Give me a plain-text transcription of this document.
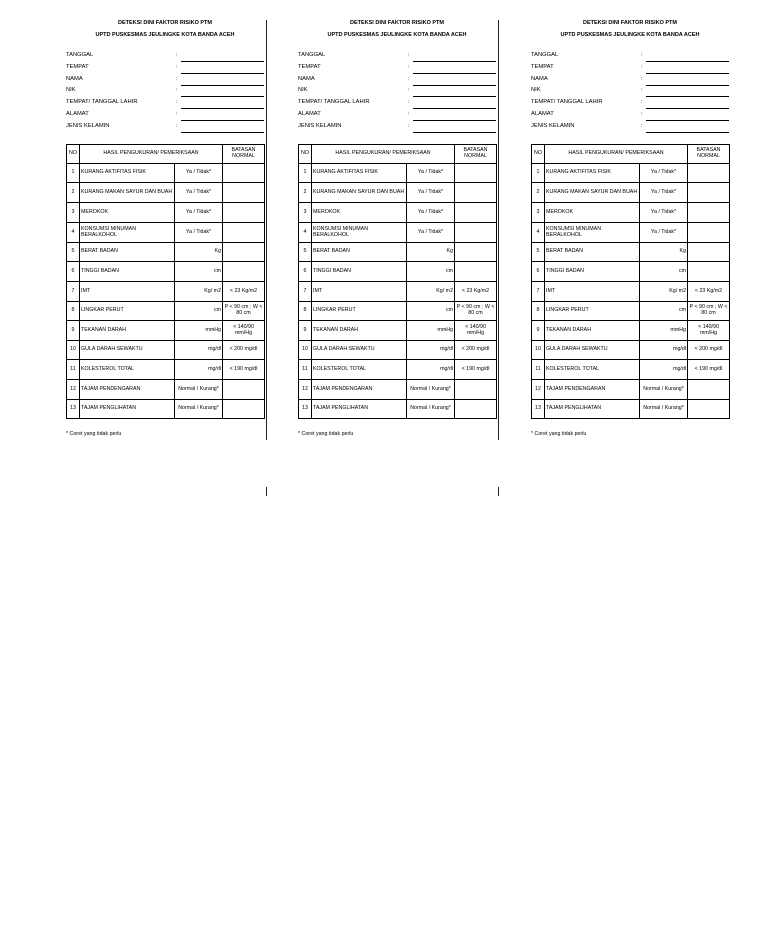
DETEKSI DINI FAKTOR RISIKO PTM
UPTD PUSKESMAS JEULINGKE KOTA BANDA ACEH
TANGGAL	:
TEMPAT	:
NAMA	:
NIK	:
TEMPAT/ TANGGAL LAHIR	:
ALAMAT	:
JENIS KELAMIN	:
NO	HASIL PENGUKURAN/ PEMERIKSAAN		BATASAN NORMAL
1	KURANG AKTIFITAS FISIK	Ya / Tidak*	
2	KURANG MAKAN SAYUR DAN BUAH	Ya / Tidak*	
3	MEROKOK	Ya / Tidak*	
4	KONSUMSI MINUMAN BERALKOHOL	Ya / Tidak*	
5	BERAT BADAN	Kg	
6	TINGGI BADAN	cm	
7	IMT	Kg/ m2	< 23 Kg/m2
8	LINGKAR PERUT	cm	P < 90 cm ; W < 80 cm
9	TEKANAN DARAH	mmHg	< 140/90 mm/Hg
10	GULA DARAH SEWAKTU	mg/dl	< 200 mg/dl
11	KOLESTEROL TOTAL	mg/dl	< 190 mg/dl
12	TAJAM PENDENGARAN	Normal / Kurang*	
13	TAJAM PENGLIHATAN	Normal / Kurang*	
* Coret yang tidak perlu
DETEKSI DINI FAKTOR RISIKO PTM
UPTD PUSKESMAS JEULINGKE KOTA BANDA ACEH
TANGGAL	:
TEMPAT	:
NAMA	:
NIK	:
TEMPAT/ TANGGAL LAHIR	:
ALAMAT	:
JENIS KELAMIN	:
NO	HASIL PENGUKURAN/ PEMERIKSAAN		BATASAN NORMAL
1	KURANG AKTIFITAS FISIK	Ya / Tidak*	
2	KURANG MAKAN SAYUR DAN BUAH	Ya / Tidak*	
3	MEROKOK	Ya / Tidak*	
4	KONSUMSI MINUMAN BERALKOHOL	Ya / Tidak*	
5	BERAT BADAN	Kg	
6	TINGGI BADAN	cm	
7	IMT	Kg/ m2	< 23 Kg/m2
8	LINGKAR PERUT	cm	P < 90 cm ; W < 80 cm
9	TEKANAN DARAH	mmHg	< 140/90 mm/Hg
10	GULA DARAH SEWAKTU	mg/dl	< 200 mg/dl
11	KOLESTEROL TOTAL	mg/dl	< 190 mg/dl
12	TAJAM PENDENGARAN	Normal / Kurang*	
13	TAJAM PENGLIHATAN	Normal / Kurang*	
* Coret yang tidak perlu
DETEKSI DINI FAKTOR RISIKO PTM
UPTD PUSKESMAS JEULINGKE KOTA BANDA ACEH
TANGGAL	:
TEMPAT	:
NAMA	:
NIK	:
TEMPAT/ TANGGAL LAHIR	:
ALAMAT	:
JENIS KELAMIN	:
NO	HASIL PENGUKURAN/ PEMERIKSAAN		BATASAN NORMAL
1	KURANG AKTIFITAS FISIK	Ya / Tidak*	
2	KURANG MAKAN SAYUR DAN BUAH	Ya / Tidak*	
3	MEROKOK	Ya / Tidak*	
4	KONSUMSI MINUMAN BERALKOHOL	Ya / Tidak*	
5	BERAT BADAN	Kg	
6	TINGGI BADAN	cm	
7	IMT	Kg/ m2	< 23 Kg/m2
8	LINGKAR PERUT	cm	P < 90 cm ; W < 80 cm
9	TEKANAN DARAH	mmHg	< 140/90 mm/Hg
10	GULA DARAH SEWAKTU	mg/dl	< 200 mg/dl
11	KOLESTEROL TOTAL	mg/dl	< 190 mg/dl
12	TAJAM PENDENGARAN	Normal / Kurang*	
13	TAJAM PENGLIHATAN	Normal / Kurang*	
* Coret yang tidak perlu
